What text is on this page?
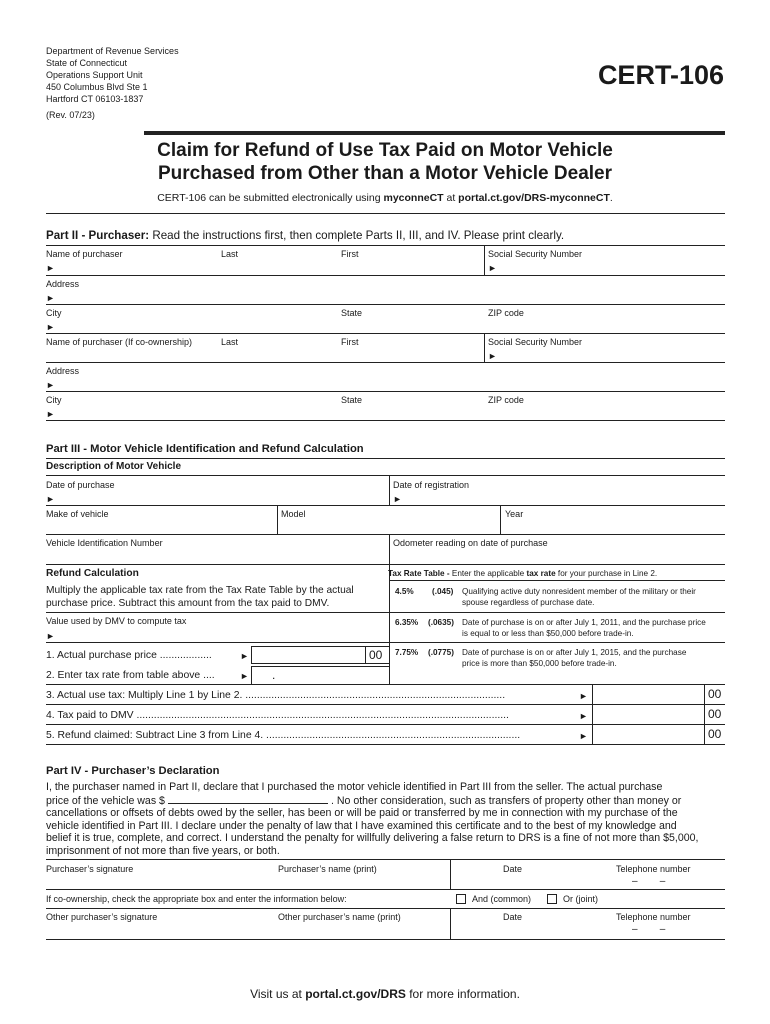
Department of Revenue Services
State of Connecticut
Operations Support Unit
450 Columbus Blvd Ste 1
Hartford CT 06103-1837
(Rev. 07/23)
CERT-106
Claim for Refund of Use Tax Paid on Motor Vehicle
Purchased from Other than a Motor Vehicle Dealer
CERT-106 can be submitted electronically using myconneCT at portal.ct.gov/DRS-myconneCT.
Part II - Purchaser: Read the instructions first, then complete Parts II, III, and IV. Please print clearly.
Name of purchaser	Last	First	Social Security Number
►	►
Address
►
City	State	ZIP code
►
Name of purchaser (If co-ownership)	Last	First	Social Security Number
►
Address
►
City	State	ZIP code
►
Part III - Motor Vehicle Identification and Refund Calculation
Description of Motor Vehicle
Date of purchase	Date of registration
►	►
Make of vehicle	Model	Year
Vehicle Identification Number	Odometer reading on date of purchase
Refund Calculation
Multiply the applicable tax rate from the Tax Rate Table by the actual
purchase price. Subtract this amount from the tax paid to DMV.
Value used by DMV to compute tax
►
1. Actual purchase price ..................	►	00
2. Enter tax rate from table above ....	► .
Tax Rate Table - Enter the applicable tax rate for your purchase in Line 2.
4.5% (.045) Qualifying active duty nonresident member of the military or their
spouse regardless of purchase date.
6.35% (.0635) Date of purchase is on or after July 1, 2011, and the purchase price
is equal to or less than $50,000 before trade-in.
7.75% (.0775) Date of purchase is on or after July 1, 2015, and the purchase
price is more than $50,000 before trade-in.
3. Actual use tax: Multiply Line 1 by Line 2. ..........................................................................................	►	00
4. Tax paid to DMV .................................................................................................................................	►	00
5. Refund claimed: Subtract Line 3 from Line 4. ........................................................................................	►	00
Part IV - Purchaser’s Declaration
I, the purchaser named in Part II, declare that I purchased the motor vehicle identified in Part III from the seller. The actual purchase
price of the vehicle was $	. No other consideration, such as transfers of property other than money or
cancellations or offsets of debts owed by the seller, has been or will be paid or transferred by me in connection with my purchase of the
vehicle identified in Part III. I declare under the penalty of law that I have examined this certificate and to the best of my knowledge and
belief it is true, complete, and correct. I understand the penalty for willfully delivering a false return to DRS is a fine of not more than $5,000,
imprisonment of not more than five years, or both.
Purchaser’s signature	Purchaser’s name (print)	Date	Telephone number
–        –
If co-ownership, check the appropriate box and enter the information below:	And (common)	Or (joint)
Other purchaser’s signature	Other purchaser’s name (print)	Date	Telephone number
–        –
Visit us at portal.ct.gov/DRS for more information.
